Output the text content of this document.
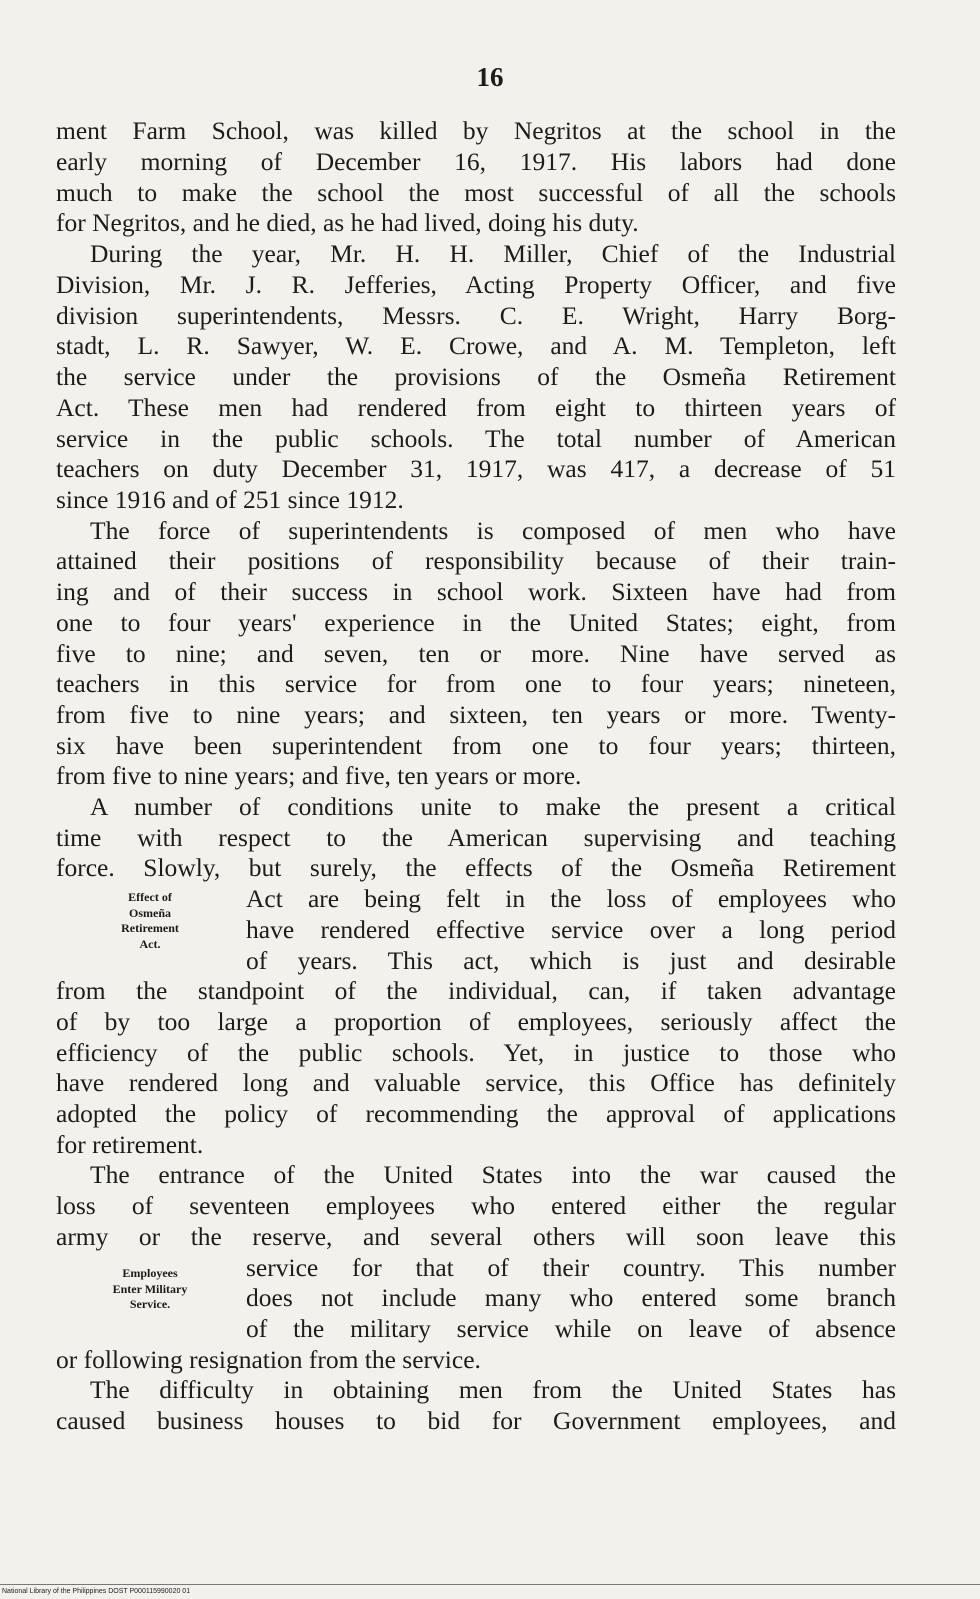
16
ment Farm School, was killed by Negritos at the school in the
early morning of December 16, 1917. His labors had done
much to make the school the most successful of all the schools
for Negritos, and he died, as he had lived, doing his duty.
During the year, Mr. H. H. Miller, Chief of the Industrial
Division, Mr. J. R. Jefferies, Acting Property Officer, and five
division superintendents, Messrs. C. E. Wright, Harry Borg-
stadt, L. R. Sawyer, W. E. Crowe, and A. M. Templeton, left
the service under the provisions of the Osmeña Retirement
Act. These men had rendered from eight to thirteen years of
service in the public schools. The total number of American
teachers on duty December 31, 1917, was 417, a decrease of 51
since 1916 and of 251 since 1912.
The force of superintendents is composed of men who have
attained their positions of responsibility because of their train-
ing and of their success in school work. Sixteen have had from
one to four years' experience in the United States; eight, from
five to nine; and seven, ten or more. Nine have served as
teachers in this service for from one to four years; nineteen,
from five to nine years; and sixteen, ten years or more. Twenty-
six have been superintendent from one to four years; thirteen,
from five to nine years; and five, ten years or more.
A number of conditions unite to make the present a critical
time with respect to the American supervising and teaching
force. Slowly, but surely, the effects of the Osmeña Retirement
Act are being felt in the loss of employees who
have rendered effective service over a long period
of years. This act, which is just and desirable
from the standpoint of the individual, can, if taken advantage
of by too large a proportion of employees, seriously affect the
efficiency of the public schools. Yet, in justice to those who
have rendered long and valuable service, this Office has definitely
adopted the policy of recommending the approval of applications
for retirement.
The entrance of the United States into the war caused the
loss of seventeen employees who entered either the regular
army or the reserve, and several others will soon leave this
service for that of their country. This number
does not include many who entered some branch
of the military service while on leave of absence
or following resignation from the service.
The difficulty in obtaining men from the United States has
caused business houses to bid for Government employees, and
Effect of
Osmeña
Retirement
Act.
Employees
Enter Military
Service.
National Library of the Philippines DOST P000115990020 01
